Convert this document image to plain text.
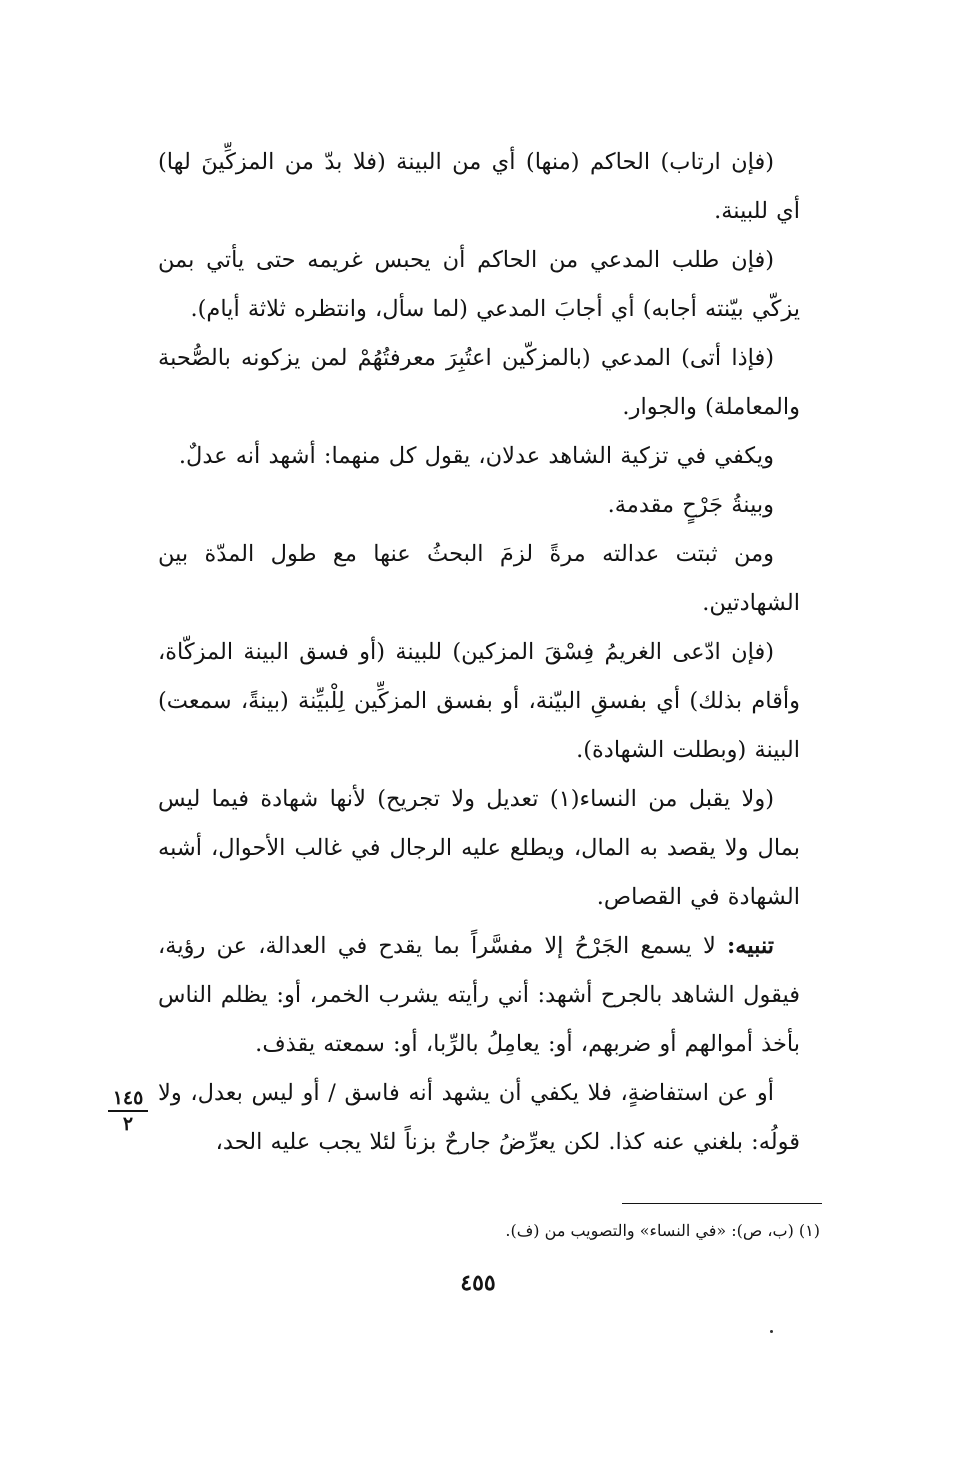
(فإن ارتاب) الحاكم (منها) أي من البينة (فلا بدّ من المزكِّينَ لها) أي للبينة.

(فإن طلب المدعي من الحاكم أن يحبس غريمه حتى يأتي بمن يزكّي بيّنته أجابه) أي أجابَ المدعي (لما سأل، وانتظره ثلاثة أيام).

(فإذا أتى) المدعي (بالمزكّين اعتُبِرَ معرفتُهُمْ لمن يزكونه بالصُّحبة والمعاملة) والجوار.

ويكفي في تزكية الشاهد عدلان، يقول كل منهما: أشهد أنه عدلٌ.

وبينةُ جَرْحٍ مقدمة.

ومن ثبتت عدالته مرةً لزمَ البحثُ عنها مع طول المدّة بين الشهادتين.

(فإن ادّعى الغريمُ فِسْقَ المزكين) للبينة (أو فسق البينة المزكّاة، وأقام بذلك) أي بفسقِ البيّنة، أو بفسق المزكِّين لِلْبيِّنة (بينةً، سمعت) البينة (وبطلت الشهادة).

(ولا يقبل من النساء(١) تعديل ولا تجريح) لأنها شهادة فيما ليس بمال ولا يقصد به المال، ويطلع عليه الرجال في غالب الأحوال، أشبه الشهادة في القصاص.

تنبيه: لا يسمع الجَرْحُ إلا مفسَّراً بما يقدح في العدالة، عن رؤية، فيقول الشاهد بالجرح أشهد: أني رأيته يشرب الخمر، أو: يظلم الناس بأخذ أموالهم أو ضربهم، أو: يعامِلُ بالرِّبا، أو: سمعته يقذف.

أو عن استفاضةٍ، فلا يكفي أن يشهد أنه فاسق / أو ليس بعدل، ولا قولُه: بلغني عنه كذا. لكن يعرِّضُ جارحٌ بزناً لئلا يجب عليه الحد،

١٤٥
٢
(١) (ب، ص): «في النساء» والتصويب من (ف).
٤٥٥
